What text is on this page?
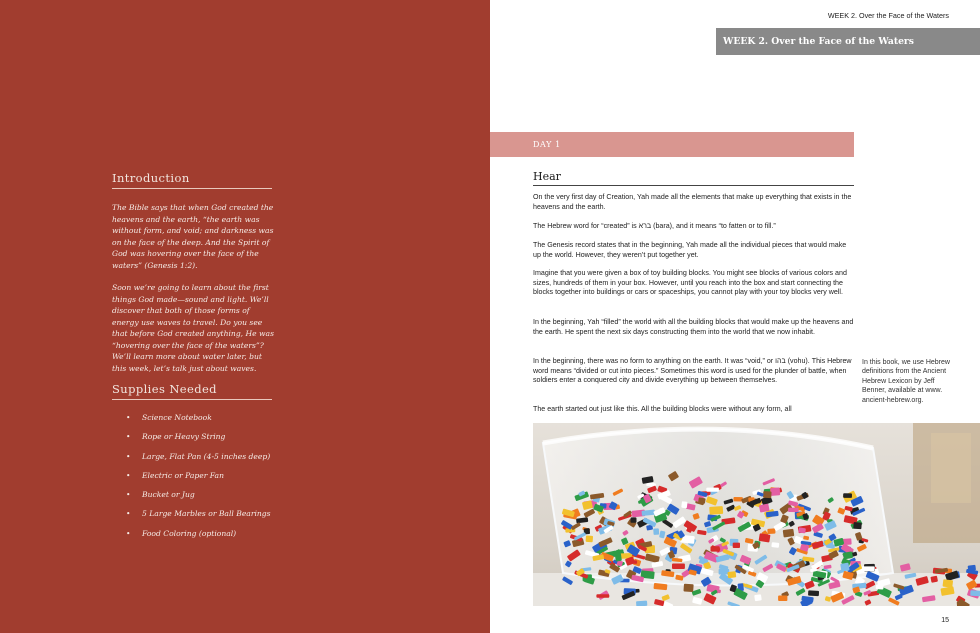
Introduction

The Bible says that when God created the heavens and the earth, “the earth was without form, and void; and darkness was on the face of the deep. And the Spirit of God was hovering over the face of the waters” (Genesis 1:2).

Soon we’re going to learn about the first things God made—sound and light. We’ll discover that both of those forms of energy use waves to travel. Do you see that before God created anything, He was “hovering over the face of the waters”? We’ll learn more about water later, but this week, let’s talk just about waves.

Supplies Needed
• Science Notebook
• Rope or Heavy String
• Large, Flat Pan (4-5 inches deep)
• Electric or Paper Fan
• Bucket or Jug
• 5 Large Marbles or Ball Bearings
• Food Coloring (optional)
WEEK 2. Over the Face of the Waters
WEEK 2. Over the Face of the Waters
DAY 1
Hear

On the very first day of Creation, Yah made all the elements that make up everything that exists in the heavens and the earth.

The Hebrew word for “created” is ברא (bara), and it means “to fatten or to fill.”

The Genesis record states that in the beginning, Yah made all the individual pieces that would make up the world. However, they weren’t put together yet.

Imagine that you were given a box of toy building blocks. You might see blocks of various colors and sizes, hundreds of them in your box. However, until you reach into the box and start connecting the blocks together into buildings or cars or spaceships, you cannot play with your toy blocks very well.

In the beginning, Yah “filled” the world with all the building blocks that would make up the heavens and the earth. He spent the next six days constructing them into the world that we now inhabit.

In the beginning, there was no form to anything on the earth. It was “void,” or בהו (vohu). This Hebrew word means “divided or cut into pieces.” Sometimes this word is used for the plunder of battle, when soldiers enter a conquered city and divide everything up between themselves.

The earth started out just like this. All the building blocks were without any form, all

In this book, we use Hebrew definitions from the Ancient Hebrew Lexicon by Jeff Benner, available at www. ancient-hebrew.org.

15
